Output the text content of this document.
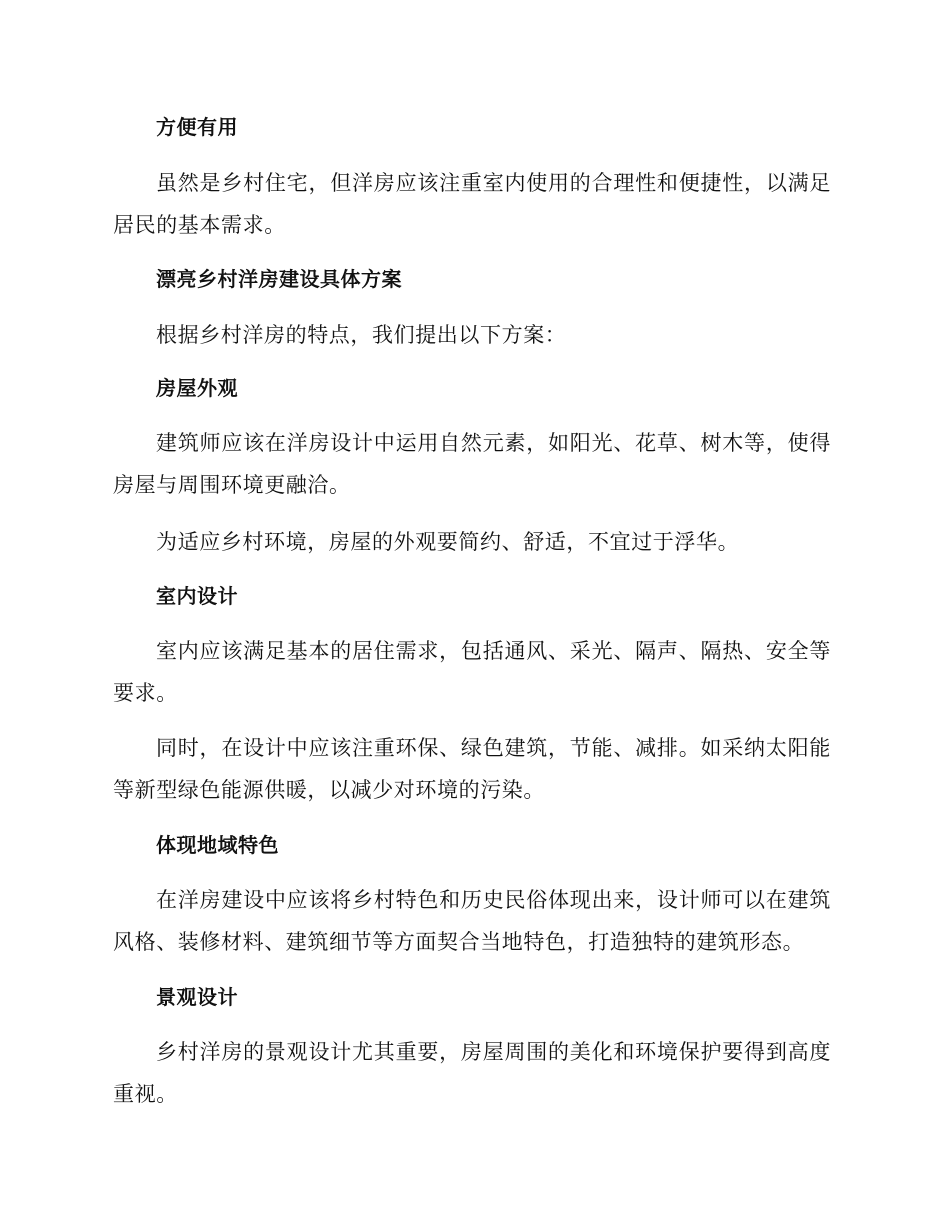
方便有用

虽然是乡村住宅，但洋房应该注重室内使用的合理性和便捷性，以满足居民的基本需求。

漂亮乡村洋房建设具体方案

根据乡村洋房的特点，我们提出以下方案：

房屋外观

建筑师应该在洋房设计中运用自然元素，如阳光、花草、树木等，使得房屋与周围环境更融洽。

为适应乡村环境，房屋的外观要简约、舒适，不宜过于浮华。

室内设计

室内应该满足基本的居住需求，包括通风、采光、隔声、隔热、安全等要求。

同时，在设计中应该注重环保、绿色建筑，节能、减排。如采纳太阳能等新型绿色能源供暖，以减少对环境的污染。

体现地域特色

在洋房建设中应该将乡村特色和历史民俗体现出来，设计师可以在建筑风格、装修材料、建筑细节等方面契合当地特色，打造独特的建筑形态。

景观设计

乡村洋房的景观设计尤其重要，房屋周围的美化和环境保护要得到高度重视。
